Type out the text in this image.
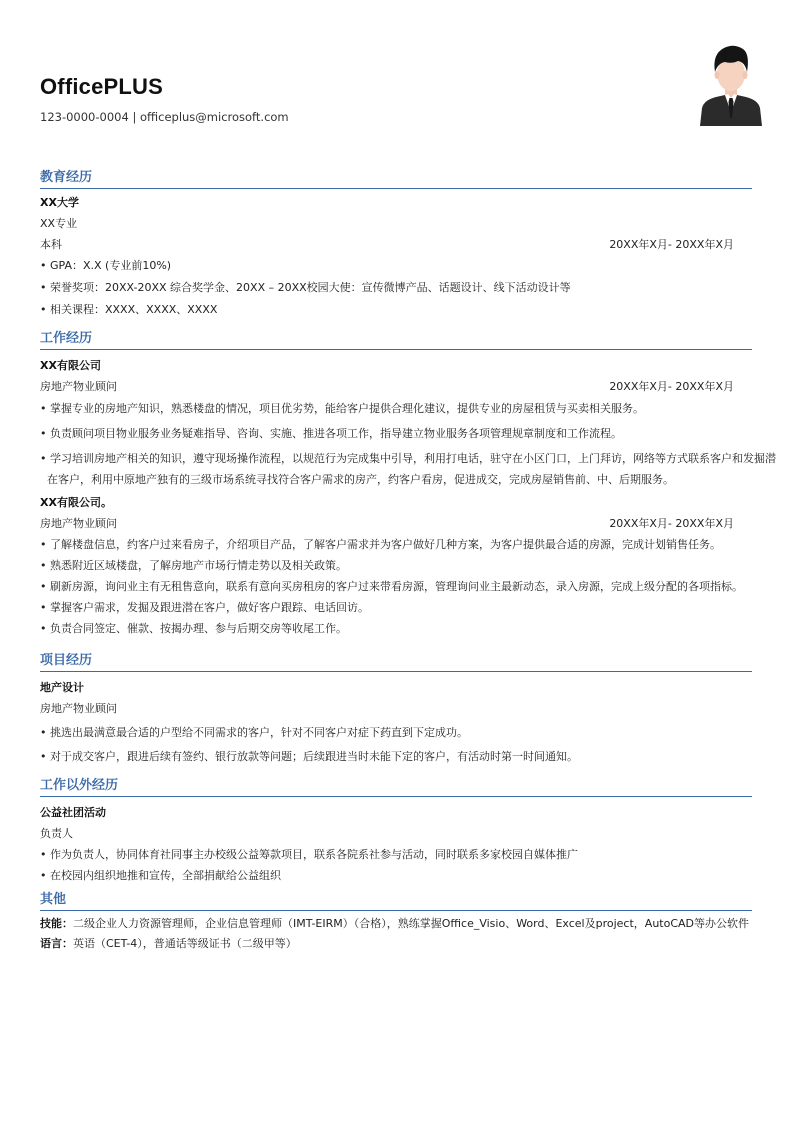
OfficePLUS
123-0000-0004 | officeplus@microsoft.com
教育经历
XX大学
XX专业
本科	20XX年X月- 20XX年X月
• GPA：X.X (专业前10%)
• 荣誉奖项：20XX-20XX 综合奖学金、20XX – 20XX校园大使：宣传微博产品、话题设计、线下活动设计等
• 相关课程：XXXX、XXXX、XXXX
工作经历
XX有限公司
房地产物业顾问	20XX年X月- 20XX年X月
• 掌握专业的房地产知识，熟悉楼盘的情况，项目优劣势，能给客户提供合理化建议，提供专业的房屋租赁与买卖相关服务。
• 负责顾问项目物业服务业务疑难指导、咨询、实施、推进各项工作，指导建立物业服务各项管理规章制度和工作流程。
• 学习培训房地产相关的知识，遵守现场操作流程，以规范行为完成集中引导，利用打电话，驻守在小区门口，上门拜访，网络等方式联系客户和发掘潜
在客户，利用中原地产独有的三级市场系统寻找符合客户需求的房产，约客户看房，促进成交，完成房屋销售前、中、后期服务。
XX有限公司。
房地产物业顾问	20XX年X月- 20XX年X月
• 了解楼盘信息，约客户过来看房子，介绍项目产品，了解客户需求并为客户做好几种方案，为客户提供最合适的房源，完成计划销售任务。
• 熟悉附近区域楼盘，了解房地产市场行情走势以及相关政策。
• 刷新房源，询问业主有无租售意向，联系有意向买房租房的客户过来带看房源，管理询问业主最新动态，录入房源，完成上级分配的各项指标。
• 掌握客户需求，发掘及跟进潜在客户，做好客户跟踪、电话回访。
• 负责合同签定、催款、按揭办理、参与后期交房等收尾工作。
项目经历
地产设计
房地产物业顾问
• 挑选出最满意最合适的户型给不同需求的客户，针对不同客户对症下药直到下定成功。
• 对于成交客户，跟进后续有签约、银行放款等问题；后续跟进当时未能下定的客户，有活动时第一时间通知。
工作以外经历
公益社团活动
负责人
• 作为负责人，协同体育社同事主办校级公益筹款项目，联系各院系社参与活动，同时联系多家校园自媒体推广
• 在校园内组织地推和宣传，全部捐献给公益组织
其他
技能：二级企业人力资源管理师，企业信息管理师（IMT-EIRM）（合格），熟练掌握Office_Visio、Word、Excel及project，AutoCAD等办公软件
语言：英语（CET-4），普通话等级证书（二级甲等）
